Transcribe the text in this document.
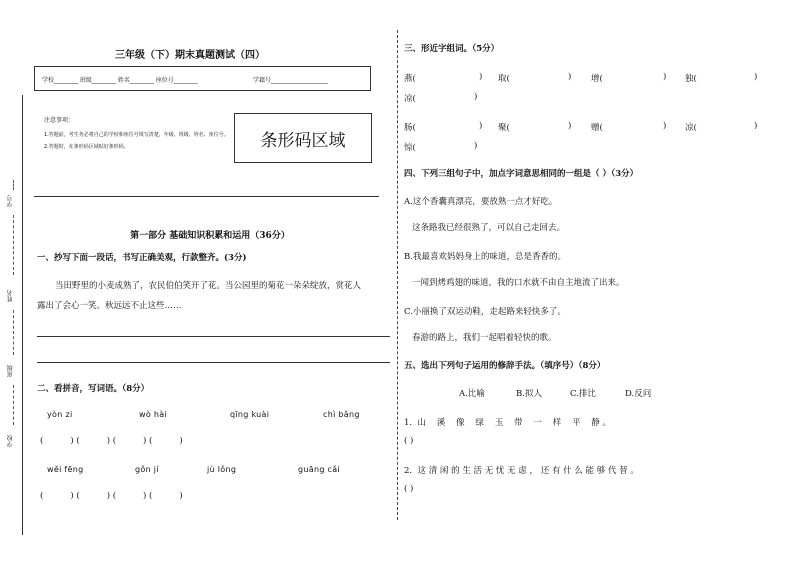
学号
姓名
班级
学校
三年级（下）期末真题测试（四）
学校________ 班级________ 姓名________ 座位号________	学籍号___________________
注意事项：
1.答题前，考生务必将自己的学校和座位号填写清楚，年级、班级、姓名、座位号。
2.答题时，在条形码区域贴好条形码。	条形码区域
第一部分 基础知识积累和运用（36分）
一、抄写下面一段话，书写正确美观，行款整齐。(3分)
当田野里的小麦成熟了，农民伯伯笑开了花。当公园里的菊花一朵朵绽放，赏花人
露出了会心一笑。秋远远不止这些……
二、看拼音，写词语。（8分）
yòn zi	wò hài	qīng kuài	chì bǎng
(          ) (          ) (          ) (          )
wěi fēng	gǒn jí	jù lǒng	guāng cǎi
(          ) (          ) (          ) (          )
三、形近字组词。（5分）
燕(	) 取(	) 增(	) 独(	)
凉(	)
肠(	) 聚(	) 赠(	) 凉(	)
惊(	)
四、下列三组句子中，加点字词意思相同的一组是（ ）（3分）
A.这个香囊真漂亮，要放熟一点才好吃。
这条路我已经很熟了，可以自己走回去。
B.我最喜欢妈妈身上的味道，总是香香的。
一闻到烤鸡翅的味道，我的口水就不由自主地流了出来。
C.小丽换了双运动鞋，走起路来轻快多了。
春游的路上，我们一起唱着轻快的歌。
五、选出下列句子运用的修辞手法。（填序号）（8分）
A.比喻	B.拟人	C.排比	D.反问
1.  山    溪    像    绿    玉    带    一    样    平    静 。
( )
2.  这 清 闲 的 生 活 无 忧 无 虑 ， 还 有 什 么 能 够 代 替 。
( )
